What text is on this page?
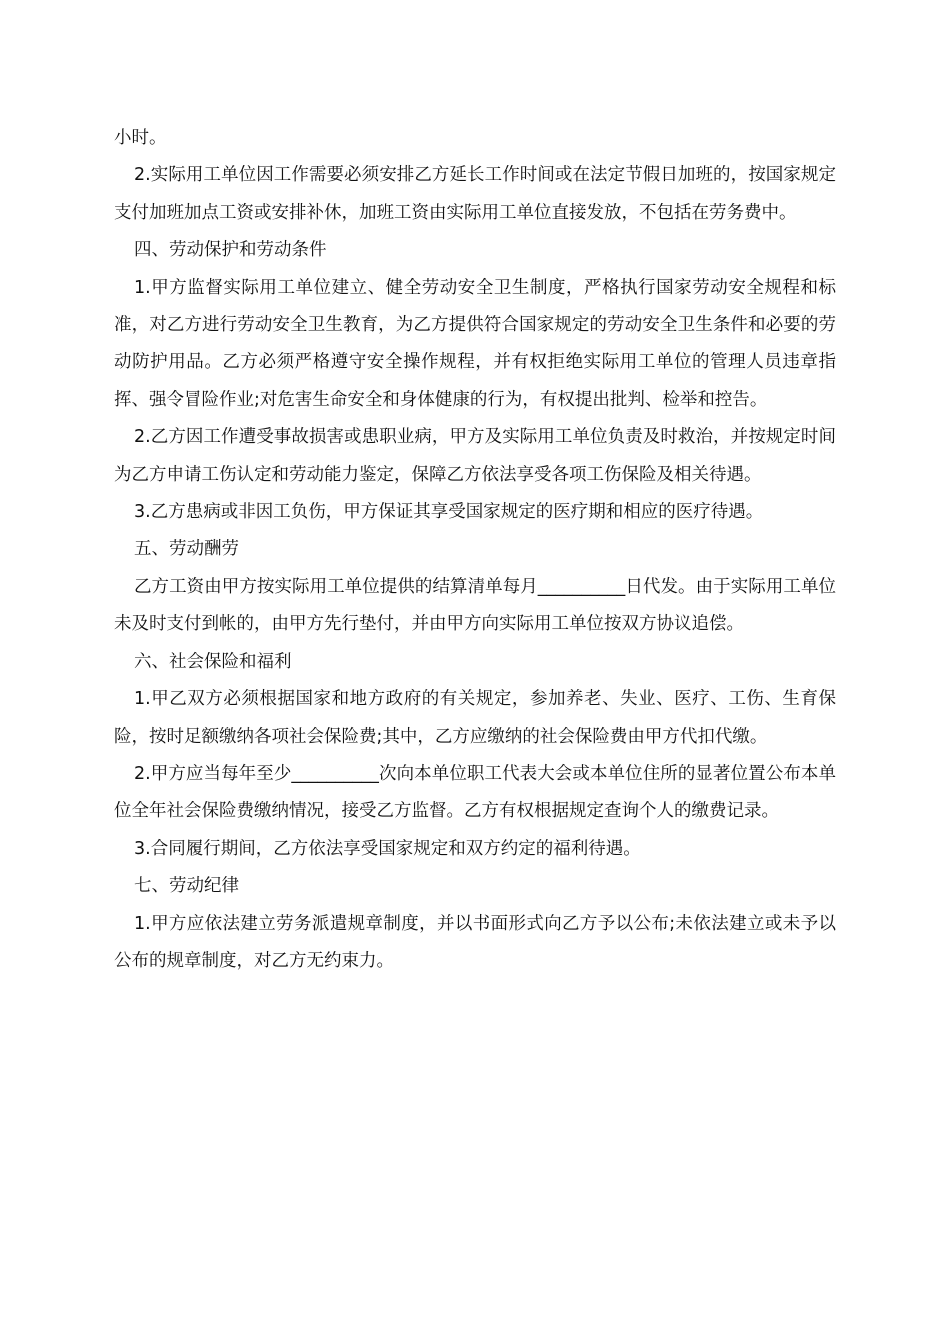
小时。

2.实际用工单位因工作需要必须安排乙方延长工作时间或在法定节假日加班的，按国家规定支付加班加点工资或安排补休，加班工资由实际用工单位直接发放，不包括在劳务费中。

四、劳动保护和劳动条件

1.甲方监督实际用工单位建立、健全劳动安全卫生制度，严格执行国家劳动安全规程和标准，对乙方进行劳动安全卫生教育，为乙方提供符合国家规定的劳动安全卫生条件和必要的劳动防护用品。乙方必须严格遵守安全操作规程，并有权拒绝实际用工单位的管理人员违章指挥、强令冒险作业;对危害生命安全和身体健康的行为，有权提出批判、检举和控告。

2.乙方因工作遭受事故损害或患职业病，甲方及实际用工单位负责及时救治，并按规定时间为乙方申请工伤认定和劳动能力鉴定，保障乙方依法享受各项工伤保险及相关待遇。

3.乙方患病或非因工负伤，甲方保证其享受国家规定的医疗期和相应的医疗待遇。

五、劳动酬劳

乙方工资由甲方按实际用工单位提供的结算清单每月__________日代发。由于实际用工单位未及时支付到帐的，由甲方先行垫付，并由甲方向实际用工单位按双方协议追偿。

六、社会保险和福利

1.甲乙双方必须根据国家和地方政府的有关规定，参加养老、失业、医疗、工伤、生育保险，按时足额缴纳各项社会保险费;其中，乙方应缴纳的社会保险费由甲方代扣代缴。

2.甲方应当每年至少__________次向本单位职工代表大会或本单位住所的显著位置公布本单位全年社会保险费缴纳情况，接受乙方监督。乙方有权根据规定查询个人的缴费记录。

3.合同履行期间，乙方依法享受国家规定和双方约定的福利待遇。

七、劳动纪律

1.甲方应依法建立劳务派遣规章制度，并以书面形式向乙方予以公布;未依法建立或未予以公布的规章制度，对乙方无约束力。
